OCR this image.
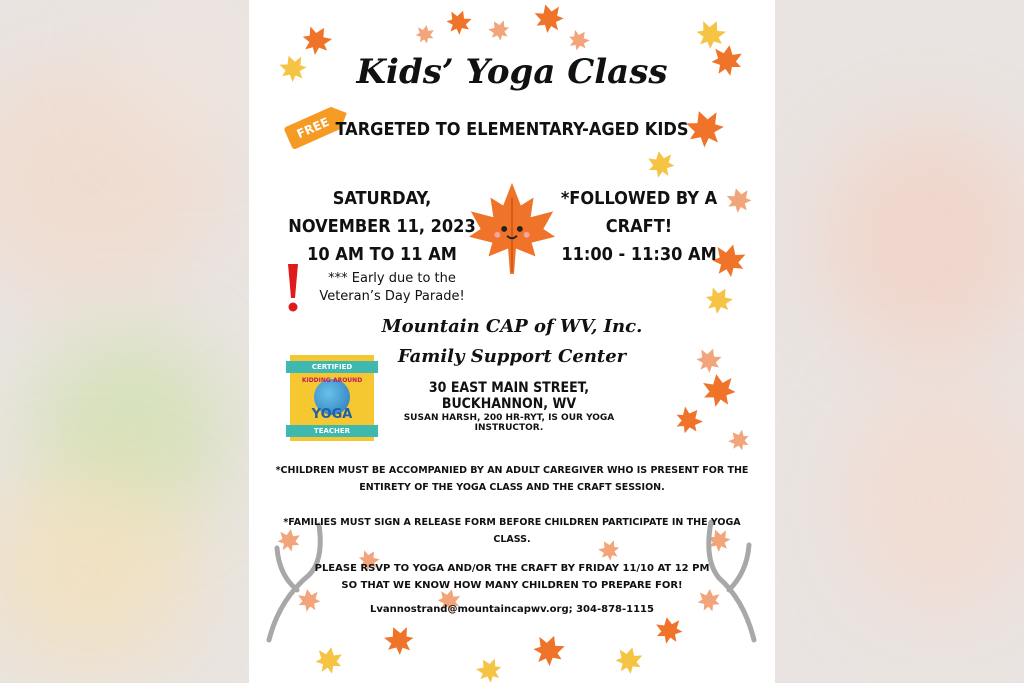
Kids’ Yoga Class
FREE TARGETED TO ELEMENTARY-AGED KIDS
SATURDAY,
NOVEMBER 11, 2023
10 AM TO 11 AM
*** Early due to the
Veteran’s Day Parade!
*FOLLOWED BY A
CRAFT!
11:00 - 11:30 AM
Mountain CAP of WV, Inc.
Family Support Center
CERTIFIED
KIDDING AROUND
YOGA
TEACHER
30 EAST MAIN STREET, BUCKHANNON, WV
SUSAN HARSH, 200 HR-RYT, IS OUR YOGA INSTRUCTOR.
*CHILDREN MUST BE ACCOMPANIED BY AN ADULT CAREGIVER WHO IS PRESENT FOR THE
ENTIRETY OF THE YOGA CLASS AND THE CRAFT SESSION.
*FAMILIES MUST SIGN A RELEASE FORM BEFORE CHILDREN PARTICIPATE IN THE YOGA
CLASS.
PLEASE RSVP TO YOGA AND/OR THE CRAFT BY FRIDAY 11/10 AT 12 PM
SO THAT WE KNOW HOW MANY CHILDREN TO PREPARE FOR!
Lvannostrand@mountaincapwv.org; 304-878-1115
